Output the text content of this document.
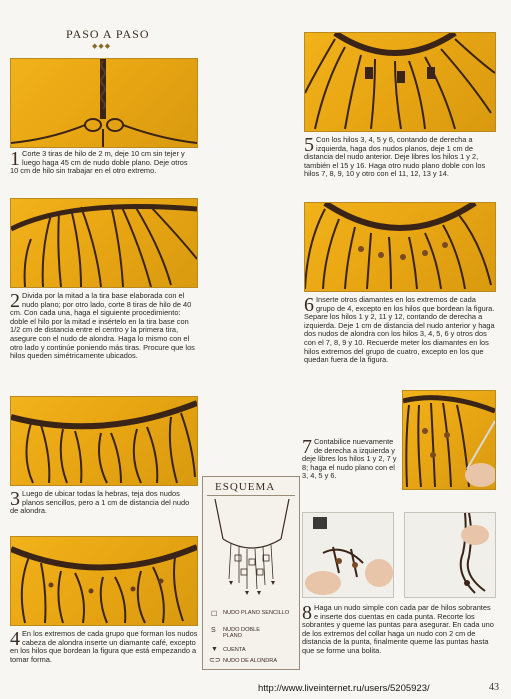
PASO A PASO
◆◆◆
1 Corte 3 tiras de hilo de 2 m, deje 10 cm sin tejer y luego haga 45 cm de nudo doble plano. Deje otros 10 cm de hilo sin trabajar en el otro extremo.
2 Divida por la mitad a la tira base elaborada con el nudo plano; por otro lado, corte 8 tiras de hilo de 40 cm. Con cada una, haga el siguiente procedimiento: doble el hilo por la mitad e insértelo en la tira base con 1/2 cm de distancia entre el centro y la primera tira, asegure con el nudo de alondra. Haga lo mismo con el otro lado y continúe poniendo más tiras. Procure que los hilos queden simétricamente ubicados.
3 Luego de ubicar todas la hebras, teja dos nudos planos sencillos, pero a 1 cm de distancia del nudo de alondra.
4 En los extremos de cada grupo que forman los nudos cabeza de alondra inserte un diamante café, excepto en los hilos que bordean la figura que está empezando a tomar forma.
5 Con los hilos 3, 4, 5 y 6, contando de derecha a izquierda, haga dos nudos planos, deje 1 cm de distancia del nudo anterior. Deje libres los hilos 1 y 2, también el 15 y 16. Haga otro nudo plano doble con los hilos 7, 8, 9, 10 y otro con el 11, 12, 13 y 14.
6 Inserte otros diamantes en los extremos de cada grupo de 4, excepto en los hilos que bordean la figura. Separe los hilos 1 y 2, 11 y 12, contando de derecha a izquierda. Deje 1 cm de distancia del nudo anterior y haga dos nudos de alondra con los hilos 3, 4, 5, 6 y otros dos con el 7, 8, 9 y 10. Recuerde meter los diamantes en los hilos extremos del grupo de cuatro, excepto en los que quedan fuera de la figura.
7 Contabilice nuevamente de derecha a izquierda y deje libres los hilos 1 y 2, 7 y 8; haga el nudo plano con el 3, 4, 5 y 6.
ESQUEMA
☐ NUDO PLANO SENCILLO
S NUDO DOBLE PLANO
▼ CUENTA
⊂⊃ NUDO DE ALONDRA
8 Haga un nudo simple con cada par de hilos sobrantes e inserte dos cuentas en cada punta. Recorte los sobrantes y queme las puntas para asegurar. En cada uno de los extremos del collar haga un nudo con 2 cm de distancia de la punta, finalmente queme las puntas hasta que se forme una bolita.
http://www.liveinternet.ru/users/5205923/	43
